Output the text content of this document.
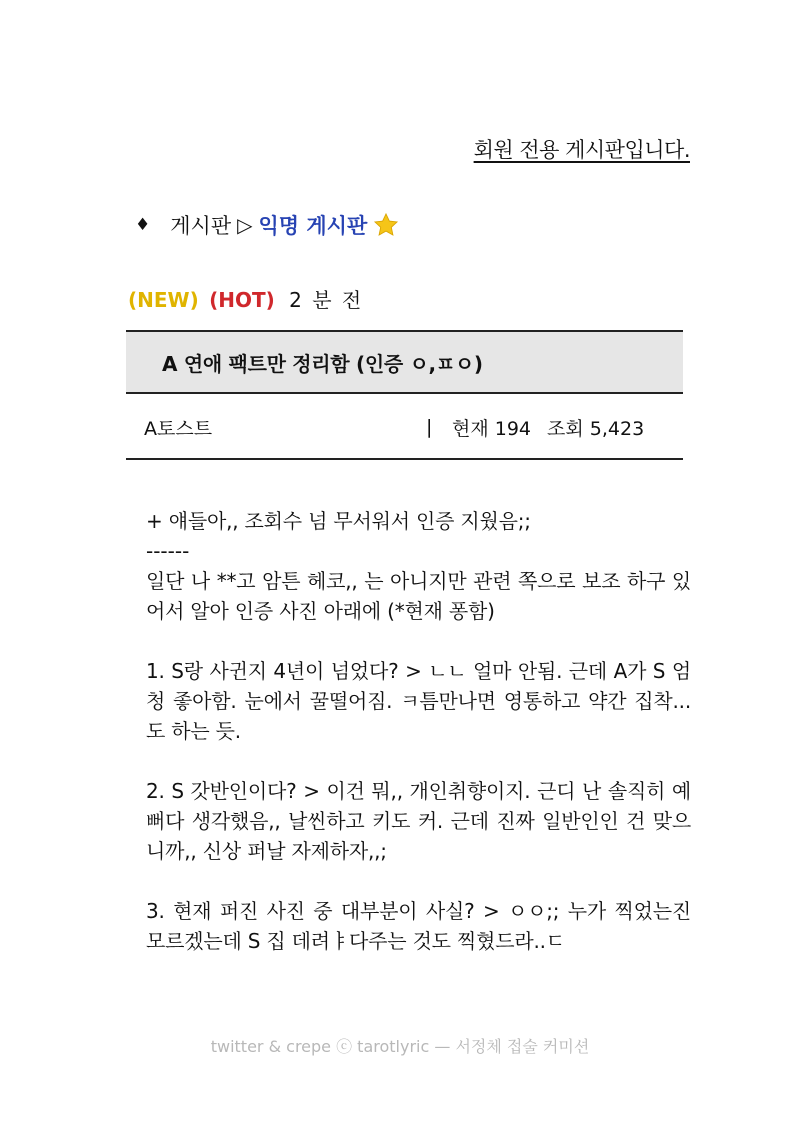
회원 전용 게시판입니다.
♦ 게시판 ▷ 익명 게시판
(NEW) (HOT) 2 분 전
A 연애 팩트만 정리함 (인증 ㅇ,ㅍㅇ)
A토스트	|	현재 194 조회 5,423

+ 얘들아,, 조회수 넘 무서워서 인증 지웠음;;

------

일단 나 **고 암튼 헤코,, 는 아니지만 관련 쪽으로 보조 하구 있어서 알아 인증 사진 아래에 (*현재 퐁함)

1. S랑 사귄지 4년이 넘었다? > ㄴㄴ 얼마 안됨. 근데 A가 S 엄청 좋아함. 눈에서 꿀떨어짐. ㅋ틈만나면 영통하고 약간 집착...도 하는 듯.

2. S 갓반인이다? > 이건 뭐,, 개인취향이지. 근디 난 솔직히 예뻐다 생각했음,, 날씬하고 키도 커. 근데 진짜 일반인인 건 맞으니까,, 신상 퍼날 자제하자,,;

3. 현재 퍼진 사진 중 대부분이 사실? > ㅇㅇ;; 누가 찍었는진 모르겠는데 S 집 데려ㅑ다주는 것도 찍혔드라..ㄷ

twitter & crepe ⓒ tarotlyric — 서정체 접술 커미션
